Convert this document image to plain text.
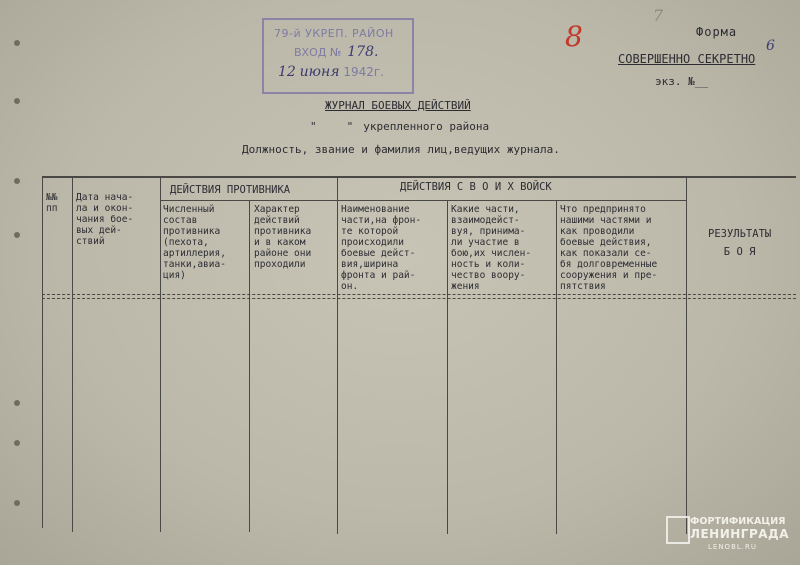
79-й УКРЕП. РАЙОН
ВХОД № 178.
12 июня 1942г.
8
7
Форма
6
СОВЕРШЕННО СЕКРЕТНО
экз. №__
ЖУРНАЛ БОЕВЫХ ДЕЙСТВИЙ
"	" укрепленного района
Должность, звание и фамилия лиц,ведущих журнала.
№№
пп
Дата нача-
ла и окон-
чания бое-
вых дей-
ствий
ДЕЙСТВИЯ ПРОТИВНИКА	ДЕЙСТВИЯ С В О И Х ВОЙСК
Численный
состав
противника
(пехота,
артиллерия,
танки,авиа-
ция)
Характер
действий
противника
и в каком
районе они
проходили
Наименование
части,на фрон-
те которой
происходили
боевые дейст-
вия,ширина
фронта и рай-
он.
Какие части,
взаимодейст-
вуя, принима-
ли участие в
бою,их числен-
ность и коли-
чество воору-
жения
Что предпринято
нашими частями и
как проводили
боевые действия,
как показали се-
бя долговременные
сооружения и пре-
пятствия
РЕЗУЛЬТАТЫ
Б О Я
ФОРТИФИКАЦИЯ
ЛЕНИНГРАДА
LENOBL.RU
